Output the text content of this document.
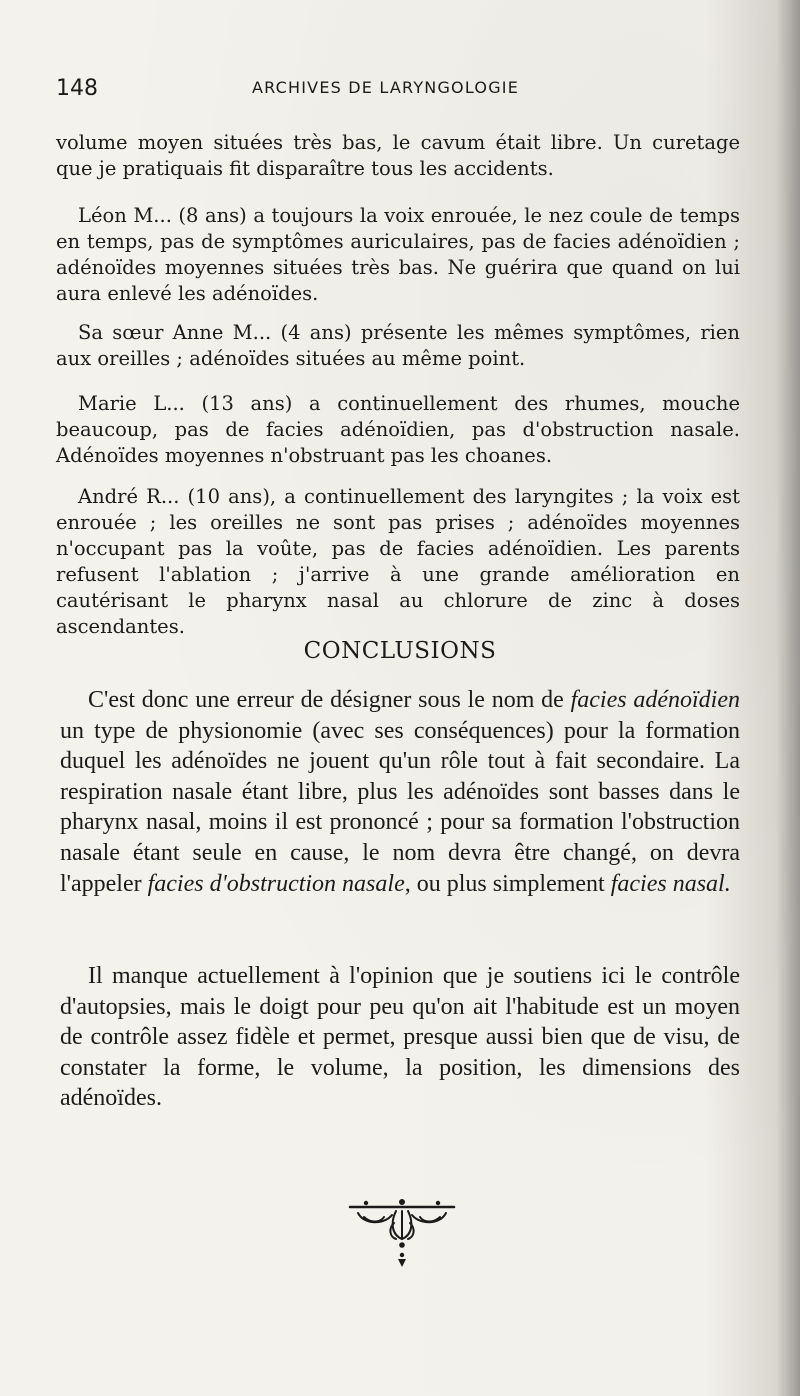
148	ARCHIVES DE LARYNGOLOGIE

volume moyen situées très bas, le cavum était libre. Un curetage que je pratiquais fit disparaître tous les accidents.

Léon M... (8 ans) a toujours la voix enrouée, le nez coule de temps en temps, pas de symptômes auriculaires, pas de facies adénoïdien ; adénoïdes moyennes situées très bas. Ne guérira que quand on lui aura enlevé les adénoïdes.

Sa sœur Anne M... (4 ans) présente les mêmes symptômes, rien aux oreilles ; adénoïdes situées au même point.

Marie L... (13 ans) a continuellement des rhumes, mouche beaucoup, pas de facies adénoïdien, pas d'obstruction nasale. Adénoïdes moyennes n'obstruant pas les choanes.

André R... (10 ans), a continuellement des laryngites ; la voix est enrouée ; les oreilles ne sont pas prises ; adénoïdes moyennes n'occupant pas la voûte, pas de facies adénoïdien. Les parents refusent l'ablation ; j'arrive à une grande amélioration en cautérisant le pharynx nasal au chlorure de zinc à doses ascendantes.

CONCLUSIONS

C'est donc une erreur de désigner sous le nom de facies adénoïdien un type de physionomie (avec ses conséquences) pour la formation duquel les adénoïdes ne jouent qu'un rôle tout à fait secondaire. La respiration nasale étant libre, plus les adénoïdes sont basses dans le pharynx nasal, moins il est prononcé ; pour sa formation l'obstruction nasale étant seule en cause, le nom devra être changé, on devra l'appeler facies d'obstruction nasale, ou plus simplement facies nasal.

Il manque actuellement à l'opinion que je soutiens ici le contrôle d'autopsies, mais le doigt pour peu qu'on ait l'habitude est un moyen de contrôle assez fidèle et permet, presque aussi bien que de visu, de constater la forme, le volume, la position, les dimensions des adénoïdes.
